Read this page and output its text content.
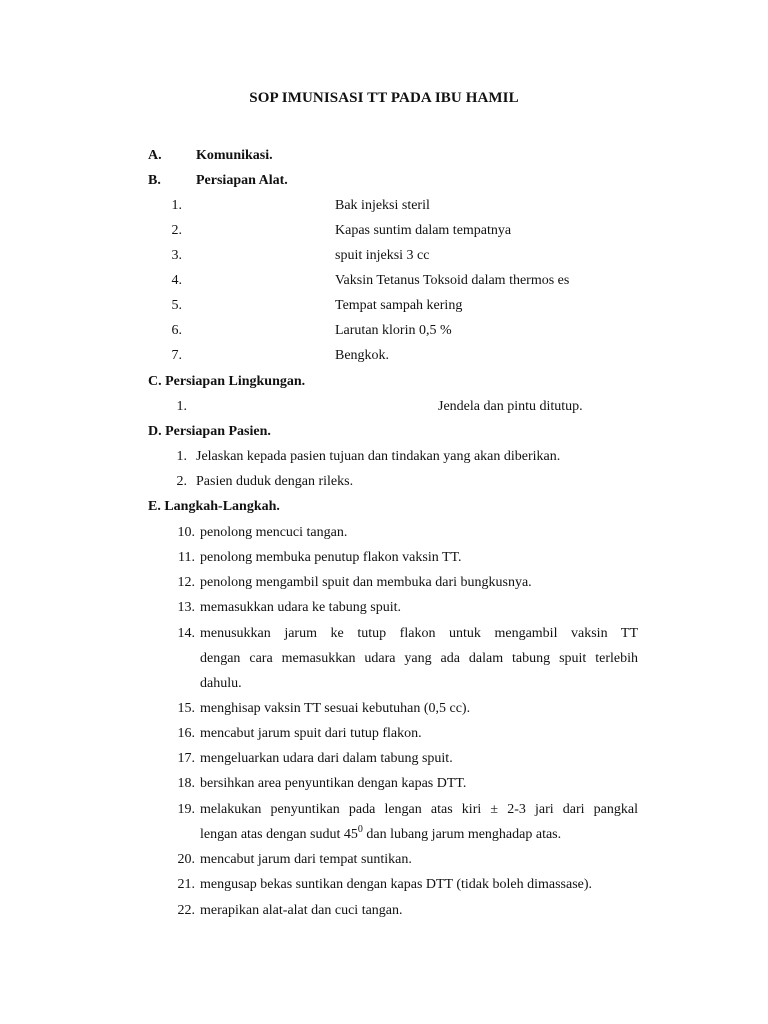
SOP IMUNISASI TT PADA IBU HAMIL
A. Komunikasi.
B.	Persiapan Alat.
1.	Bak injeksi steril
2.	Kapas suntim dalam tempatnya
3.	spuit injeksi 3 cc
4.	Vaksin Tetanus Toksoid dalam thermos es
5.	Tempat sampah kering
6.	Larutan klorin 0,5 %
7.	Bengkok.
C. Persiapan Lingkungan.
1.	Jendela dan pintu ditutup.
D. Persiapan Pasien.
1. Jelaskan kepada pasien tujuan dan tindakan yang akan diberikan.
2. Pasien duduk dengan rileks.
E. Langkah-Langkah.
10. penolong mencuci tangan.
11. penolong membuka penutup flakon vaksin TT.
12. penolong mengambil spuit dan membuka dari bungkusnya.
13. memasukkan udara ke tabung spuit.
14. menusukkan jarum ke tutup flakon untuk mengambil vaksin TT
dengan cara memasukkan udara yang ada dalam tabung spuit terlebih
dahulu.
15. menghisap vaksin TT sesuai kebutuhan (0,5 cc).
16. mencabut jarum spuit dari tutup flakon.
17. mengeluarkan udara dari dalam tabung spuit.
18. bersihkan area penyuntikan dengan kapas DTT.
19. melakukan penyuntikan pada lengan atas kiri ± 2-3 jari dari pangkal
lengan atas dengan sudut $45^0$ dan lubang jarum menghadap atas.
20. mencabut jarum dari tempat suntikan.
21. mengusap bekas suntikan dengan kapas DTT (tidak boleh dimassase).
22. merapikan alat-alat dan cuci tangan.
